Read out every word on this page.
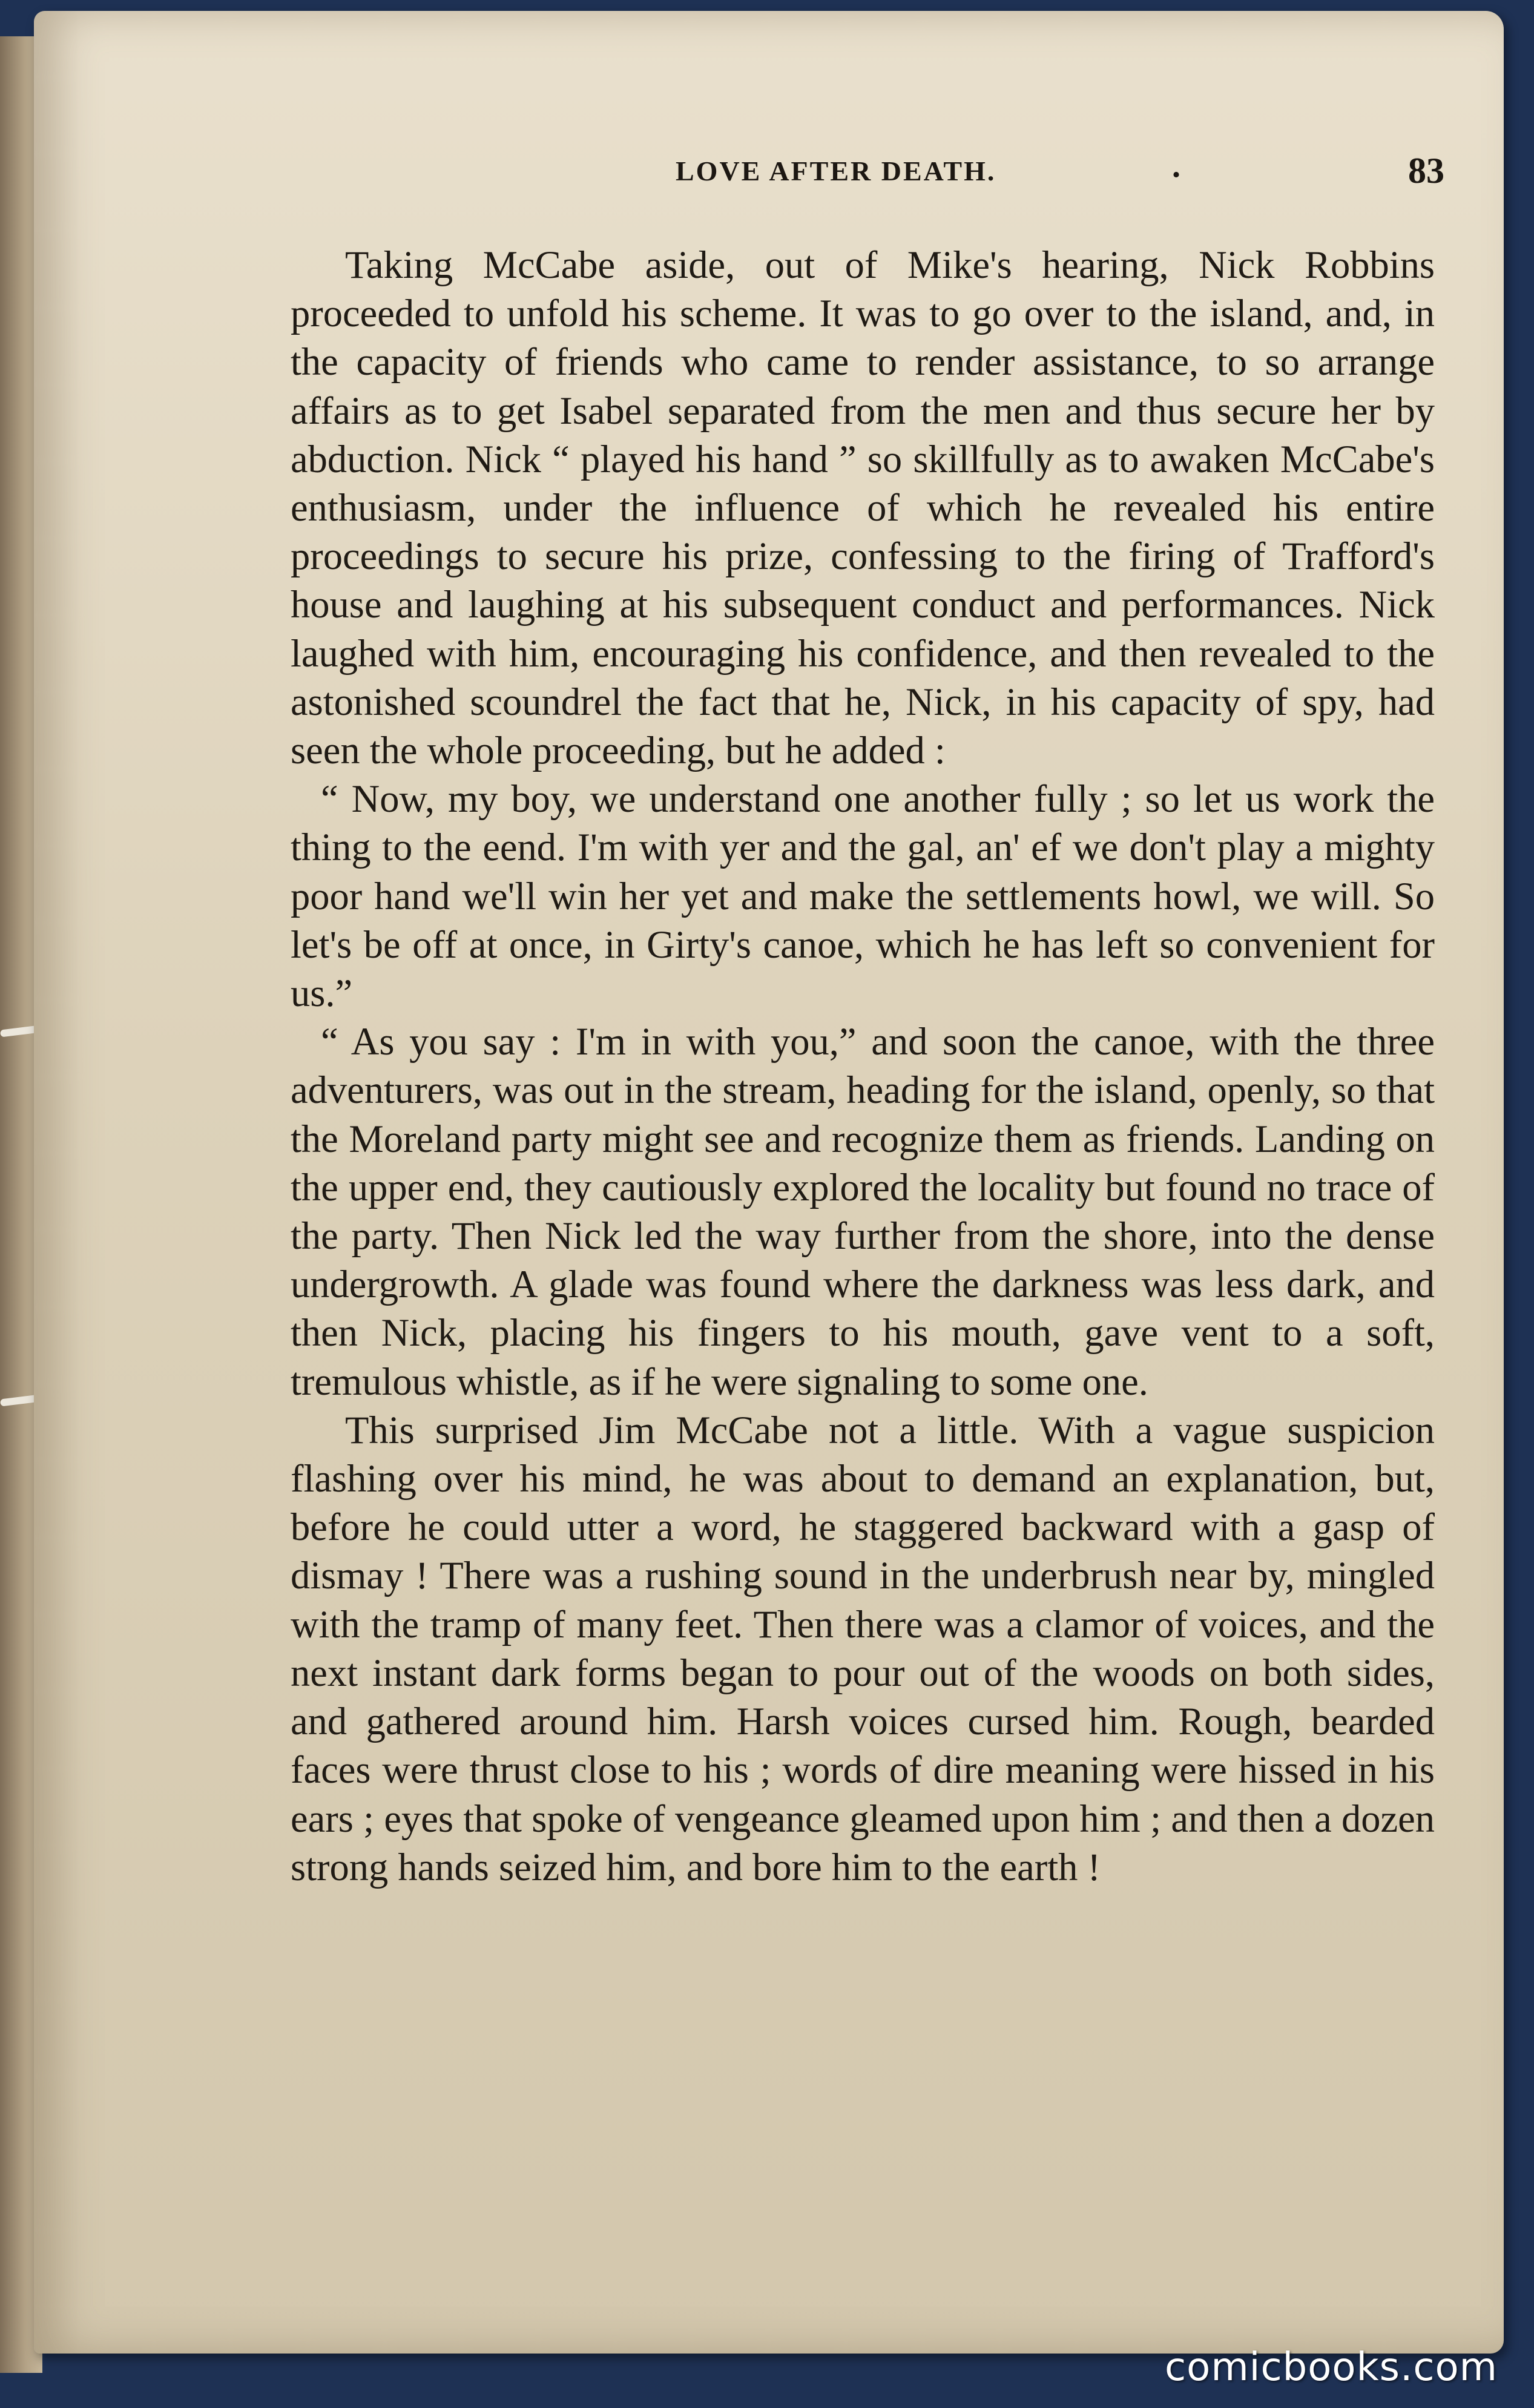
LOVE AFTER DEATH.	.	83

Taking McCabe aside, out of Mike's hearing, Nick Robbins proceeded to unfold his scheme. It was to go over to the island, and, in the capacity of friends who came to render assistance, to so arrange affairs as to get Isabel separated from the men and thus secure her by abduction. Nick “ played his hand ” so skillfully as to awaken McCabe's enthusiasm, under the influence of which he revealed his entire proceedings to secure his prize, confessing to the firing of Trafford's house and laughing at his subsequent conduct and performances. Nick laughed with him, encouraging his confidence, and then revealed to the astonished scoundrel the fact that he, Nick, in his capacity of spy, had seen the whole proceeding, but he added :

“ Now, my boy, we understand one another fully ; so let us work the thing to the eend. I'm with yer and the gal, an' ef we don't play a mighty poor hand we'll win her yet and make the settlements howl, we will. So let's be off at once, in Girty's canoe, which he has left so convenient for us.”

“ As you say : I'm in with you,” and soon the canoe, with the three adventurers, was out in the stream, heading for the island, openly, so that the Moreland party might see and recognize them as friends. Landing on the upper end, they cautiously explored the locality but found no trace of the party. Then Nick led the way further from the shore, into the dense undergrowth. A glade was found where the darkness was less dark, and then Nick, placing his fingers to his mouth, gave vent to a soft, tremulous whistle, as if he were signaling to some one.

This surprised Jim McCabe not a little. With a vague suspicion flashing over his mind, he was about to demand an explanation, but, before he could utter a word, he staggered backward with a gasp of dismay ! There was a rushing sound in the underbrush near by, mingled with the tramp of many feet. Then there was a clamor of voices, and the next instant dark forms began to pour out of the woods on both sides, and gathered around him. Harsh voices cursed him. Rough, bearded faces were thrust close to his ; words of dire meaning were hissed in his ears ; eyes that spoke of vengeance gleamed upon him ; and then a dozen strong hands seized him, and bore him to the earth !

comicbooks.com
